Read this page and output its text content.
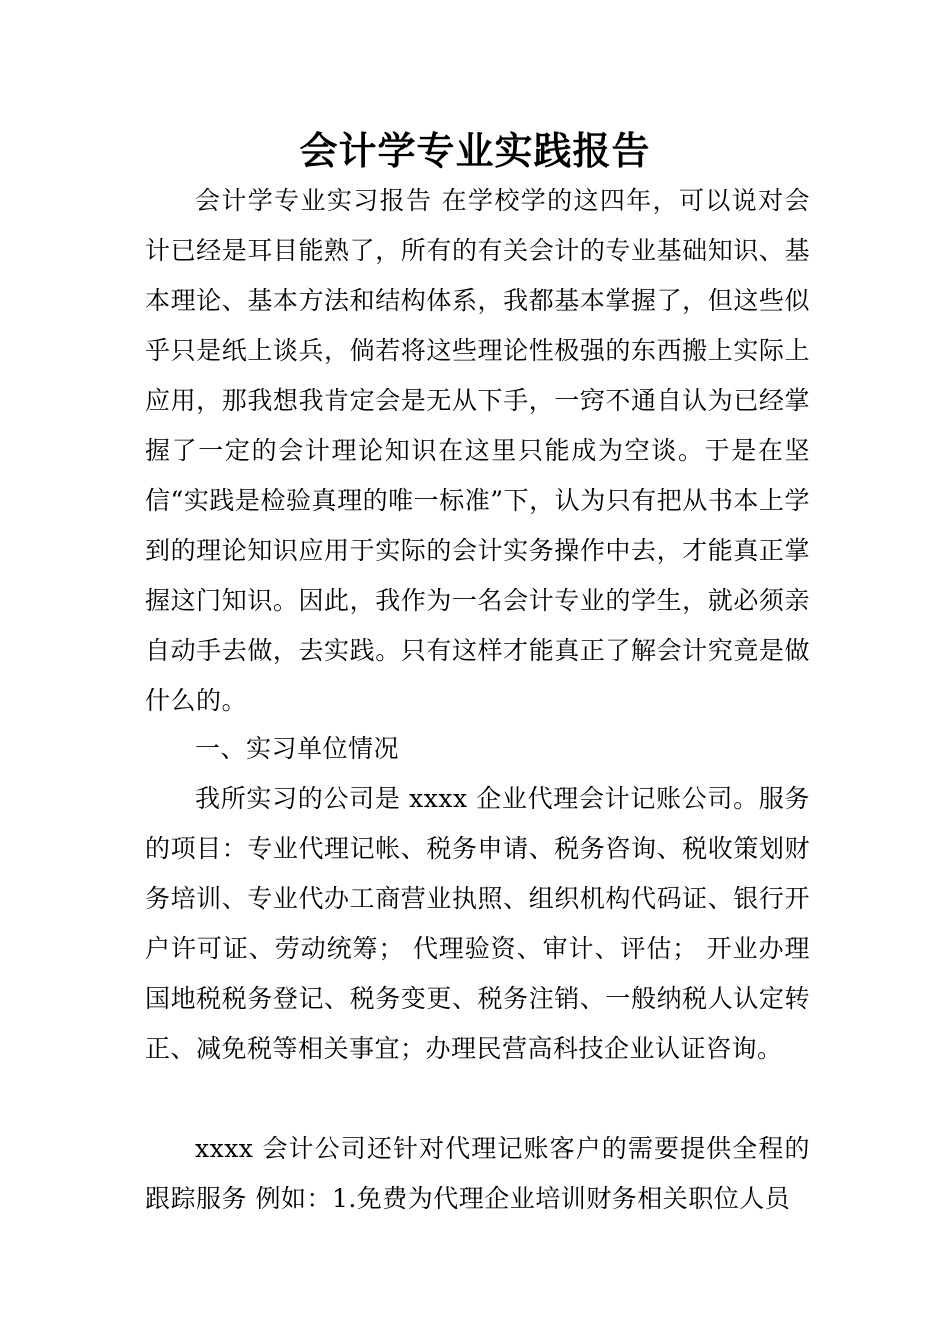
会计学专业实践报告

会计学专业实习报告 在学校学的这四年，可以说对会计已经是耳目能熟了，所有的有关会计的专业基础知识、基本理论、基本方法和结构体系，我都基本掌握了，但这些似乎只是纸上谈兵，倘若将这些理论性极强的东西搬上实际上应用，那我想我肯定会是无从下手，一窍不通自认为已经掌握了一定的会计理论知识在这里只能成为空谈。于是在坚信“实践是检验真理的唯一标准”下，认为只有把从书本上学到的理论知识应用于实际的会计实务操作中去，才能真正掌握这门知识。因此，我作为一名会计专业的学生，就必须亲自动手去做，去实践。只有这样才能真正了解会计究竟是做什么的。

一、实习单位情况

我所实习的公司是 xxxx 企业代理会计记账公司。服务的项目：专业代理记帐、税务申请、税务咨询、税收策划财务培训、专业代办工商营业执照、组织机构代码证、银行开户许可证、劳动统筹； 代理验资、审计、评估； 开业办理国地税税务登记、税务变更、税务注销、一般纳税人认定转正、减免税等相关事宜；办理民营高科技企业认证咨询。

xxxx 会计公司还针对代理记账客户的需要提供全程的跟踪服务 例如：1.免费为代理企业培训财务相关职位人员
